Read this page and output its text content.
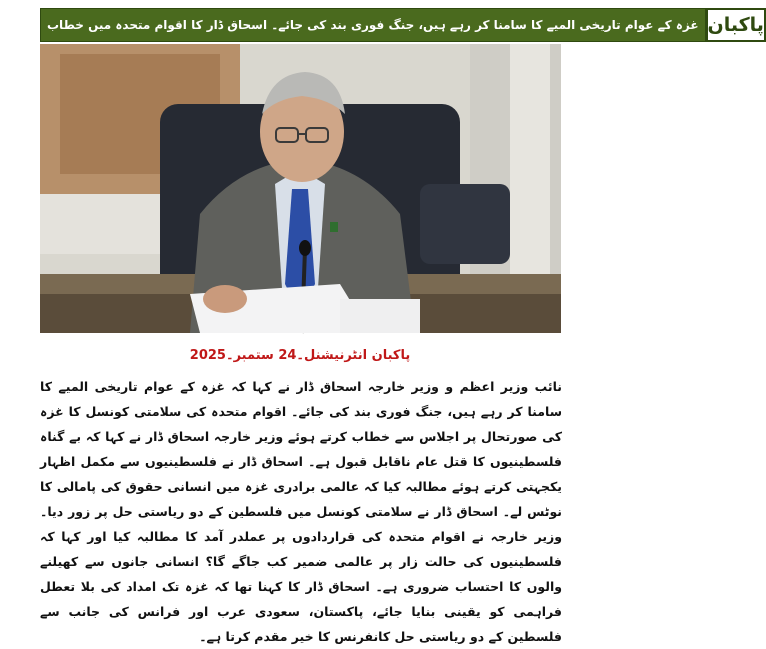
غزہ کے عوام تاریخی المیے کا سامنا کر رہے ہیں، جنگ فوری بند کی جائے۔ اسحاق ڈار کا اقوام متحدہ میں خطاب پاکبان
پاکبان انٹرنیشنل۔24 ستمبر۔2025
نائب وزیر اعظم و وزیر خارجہ اسحاق ڈار نے کہا کہ غزہ کے عوام تاریخی المیے کا سامنا کر رہے ہیں، جنگ فوری بند کی جائے۔ اقوام متحدہ کی سلامتی کونسل کا غزہ کی صورتحال پر اجلاس سے خطاب کرتے ہوئے وزیر خارجہ اسحاق ڈار نے کہا کہ بے گناہ فلسطینیوں کا قتل عام ناقابل قبول ہے۔ اسحاق ڈار نے فلسطینیوں سے مکمل اظہار یکجہتی کرتے ہوئے مطالبہ کیا کہ عالمی برادری غزہ میں انسانی حقوق کی پامالی کا نوٹس لے۔ اسحاق ڈار نے سلامتی کونسل میں فلسطین کے دو ریاستی حل پر زور دیا۔ وزیر خارجہ نے اقوام متحدہ کی قراردادوں پر عملدر آمد کا مطالبہ کیا اور کہا کہ فلسطینیوں کی حالت زار پر عالمی ضمیر کب جاگے گا؟ انسانی جانوں سے کھیلنے والوں کا احتساب ضروری ہے۔ اسحاق ڈار کا کہنا تھا کہ غزہ تک امداد کی بلا تعطل فراہمی کو یقینی بنایا جائے، پاکستان، سعودی عرب اور فرانس کی جانب سے فلسطین کے دو ریاستی حل کانفرنس کا خیر مقدم کرتا ہے۔
